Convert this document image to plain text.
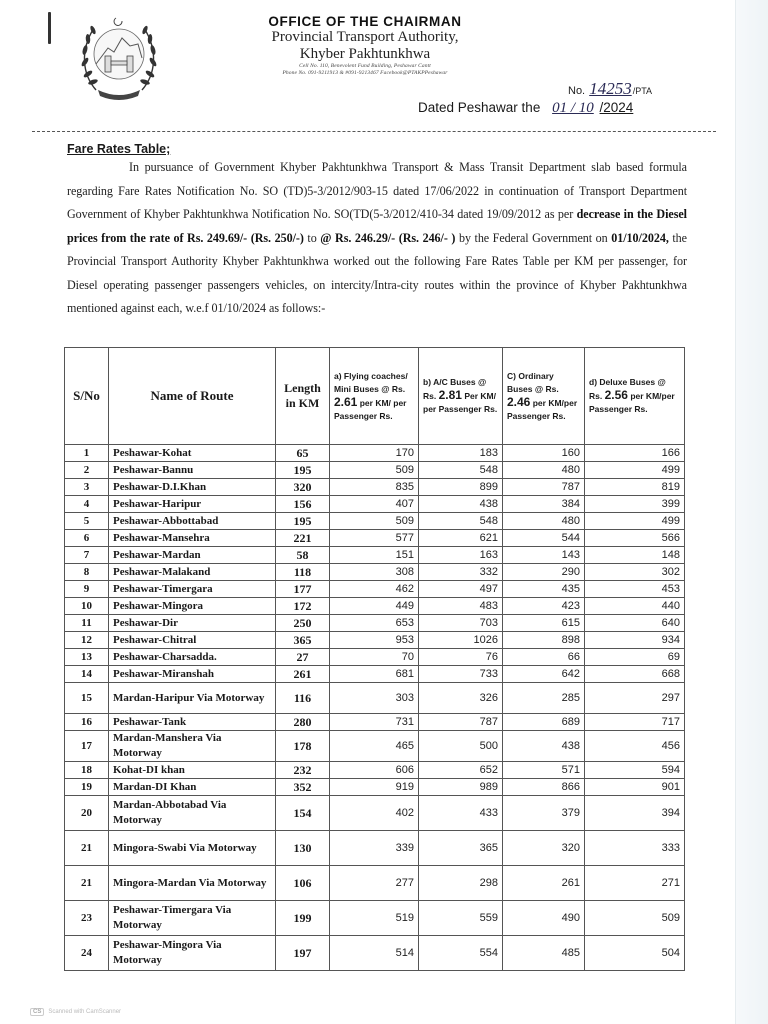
OFFICE OF THE CHAIRMAN
Provincial Transport Authority,
Khyber Pakhtunkhwa
Cell No. 110, Benevolent Fund Building, Peshawar Cantt
Phone No. 091-9211913 & #091-9213467 Facebook@PTAKPPeshawar
No. 14253/PTA
Dated Peshawar the 01 / 10 /2024
Fare Rates Table;
In pursuance of Government Khyber Pakhtunkhwa Transport & Mass Transit Department slab based formula regarding Fare Rates Notification No. SO (TD)5-3/2012/903-15 dated 17/06/2022 in continuation of Transport Department Government of Khyber Pakhtunkhwa Notification No. SO(TD(5-3/2012/410-34 dated 19/09/2012 as per decrease in the Diesel prices from the rate of Rs. 249.69/- (Rs. 250/-) to @ Rs. 246.29/- (Rs. 246/- ) by the Federal Government on 01/10/2024, the Provincial Transport Authority Khyber Pakhtunkhwa worked out the following Fare Rates Table per KM per passenger, for Diesel operating passenger passengers vehicles, on intercity/Intra-city routes within the province of Khyber Pakhtunkhwa mentioned against each, w.e.f 01/10/2024 as follows:-
S/No	Name of Route	Length in KM	a) Flying coaches/ Mini Buses @ Rs. 2.61 per KM/ per Passenger Rs.	b) A/C Buses @ Rs. 2.81 Per KM/ per Passenger Rs.	C) Ordinary Buses @ Rs. 2.46 per KM/per Passenger Rs.	d) Deluxe Buses @ Rs. 2.56 per KM/per Passenger Rs.
1	Peshawar-Kohat	65	170	183	160	166
2	Peshawar-Bannu	195	509	548	480	499
3	Peshawar-D.I.Khan	320	835	899	787	819
4	Peshawar-Haripur	156	407	438	384	399
5	Peshawar-Abbottabad	195	509	548	480	499
6	Peshawar-Mansehra	221	577	621	544	566
7	Peshawar-Mardan	58	151	163	143	148
8	Peshawar-Malakand	118	308	332	290	302
9	Peshawar-Timergara	177	462	497	435	453
10	Peshawar-Mingora	172	449	483	423	440
11	Peshawar-Dir	250	653	703	615	640
12	Peshawar-Chitral	365	953	1026	898	934
13	Peshawar-Charsadda.	27	70	76	66	69
14	Peshawar-Miranshah	261	681	733	642	668
15	Mardan-Haripur Via Motorway	116	303	326	285	297
16	Peshawar-Tank	280	731	787	689	717
17	Mardan-Manshera Via Motorway	178	465	500	438	456
18	Kohat-DI khan	232	606	652	571	594
19	Mardan-DI Khan	352	919	989	866	901
20	Mardan-Abbotabad Via Motorway	154	402	433	379	394
21	Mingora-Swabi Via Motorway	130	339	365	320	333
21	Mingora-Mardan Via Motorway	106	277	298	261	271
23	Peshawar-Timergara Via Motorway	199	519	559	490	509
24	Peshawar-Mingora Via Motorway	197	514	554	485	504
CS	Scanned with CamScanner
